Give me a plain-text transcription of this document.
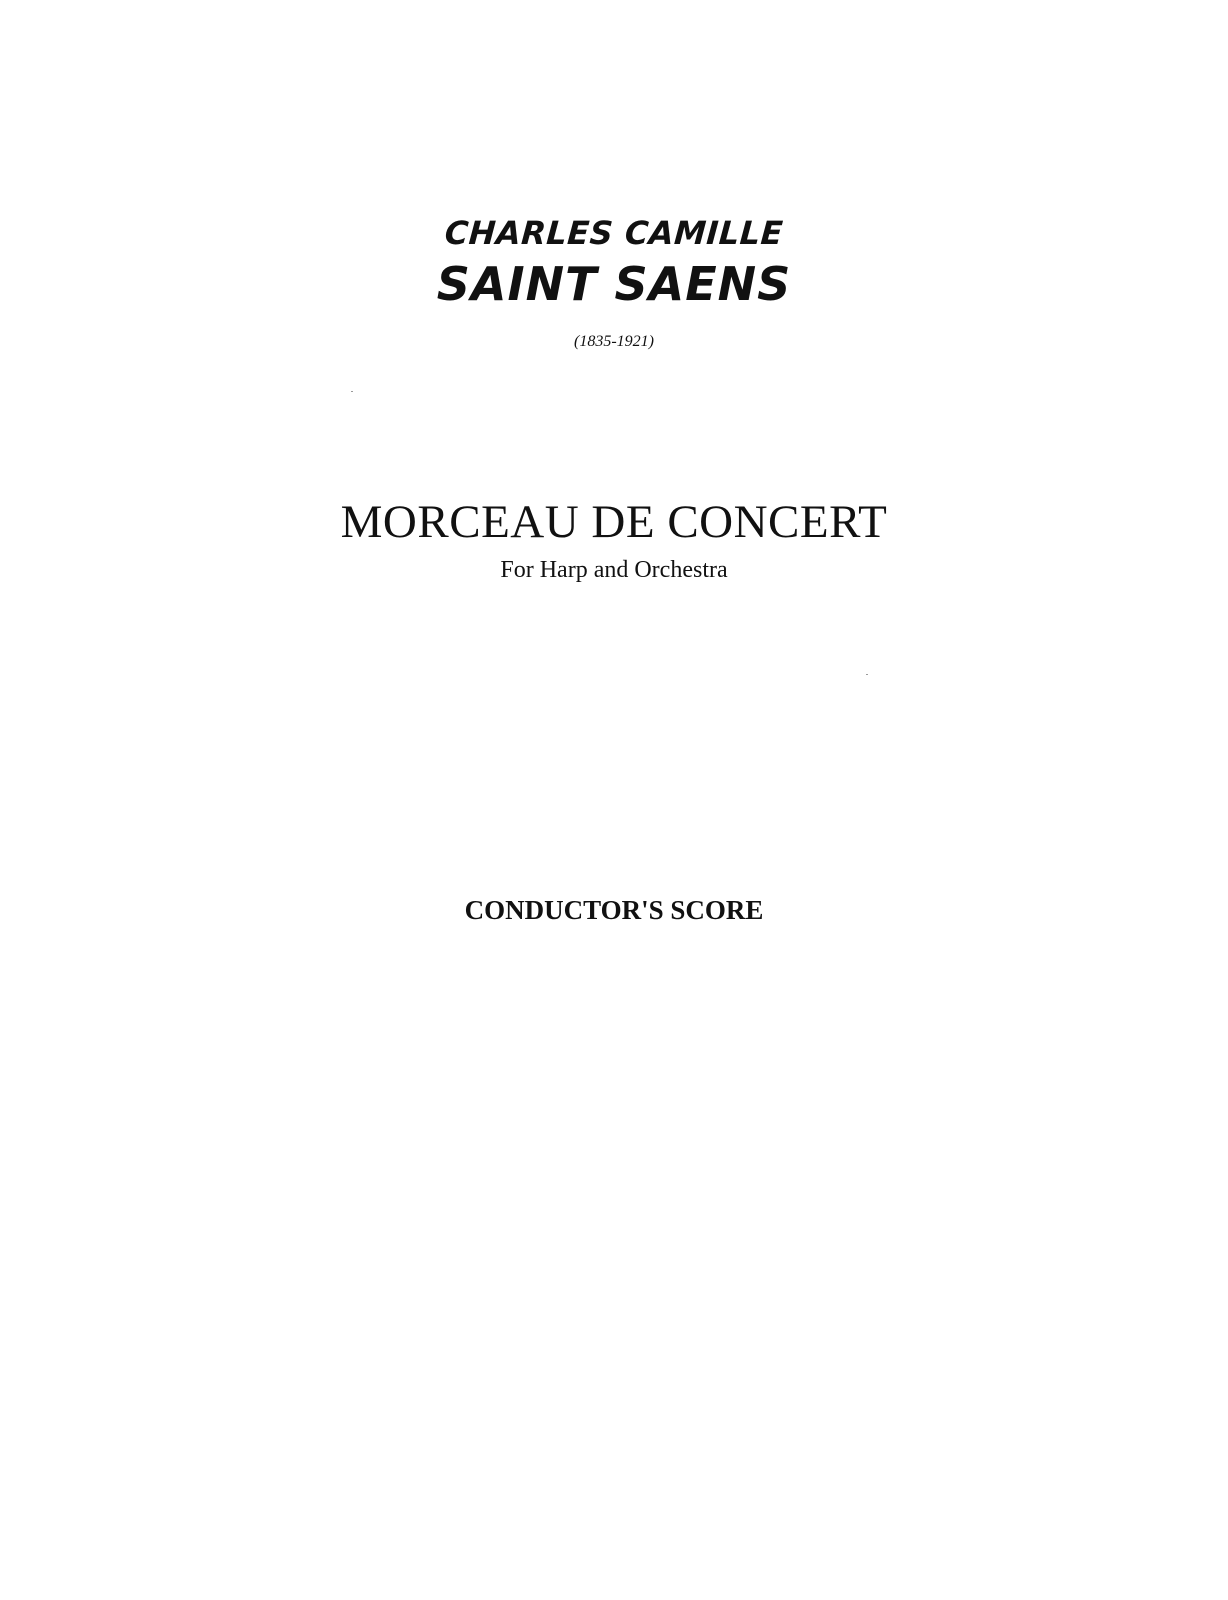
CHARLES CAMILLE
SAINT SAENS
(1835-1921)
MORCEAU DE CONCERT
For Harp and Orchestra
CONDUCTOR'S SCORE
